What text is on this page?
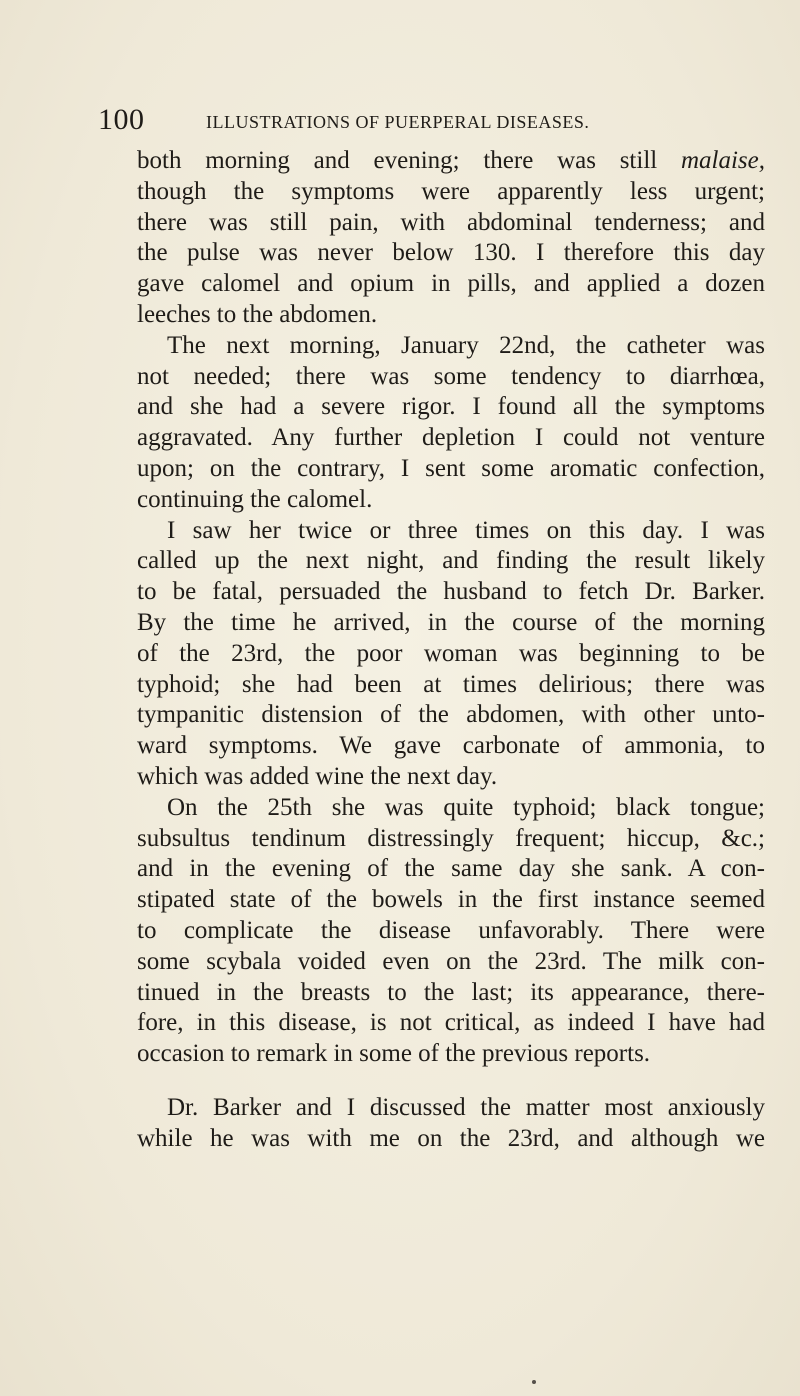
100	ILLUSTRATIONS OF PUERPERAL DISEASES.
both morning and evening; there was still malaise,
though the symptoms were apparently less urgent;
there was still pain, with abdominal tenderness; and
the pulse was never below 130. I therefore this day
gave calomel and opium in pills, and applied a dozen
leeches to the abdomen.
The next morning, January 22nd, the catheter was
not needed; there was some tendency to diarrhœa,
and she had a severe rigor. I found all the symptoms
aggravated. Any further depletion I could not venture
upon; on the contrary, I sent some aromatic confection,
continuing the calomel.
I saw her twice or three times on this day. I was
called up the next night, and finding the result likely
to be fatal, persuaded the husband to fetch Dr. Barker.
By the time he arrived, in the course of the morning
of the 23rd, the poor woman was beginning to be
typhoid; she had been at times delirious; there was
tympanitic distension of the abdomen, with other unto-
ward symptoms. We gave carbonate of ammonia, to
which was added wine the next day.
On the 25th she was quite typhoid; black tongue;
subsultus tendinum distressingly frequent; hiccup, &c.;
and in the evening of the same day she sank. A con-
stipated state of the bowels in the first instance seemed
to complicate the disease unfavorably. There were
some scybala voided even on the 23rd. The milk con-
tinued in the breasts to the last; its appearance, there-
fore, in this disease, is not critical, as indeed I have had
occasion to remark in some of the previous reports.
Dr. Barker and I discussed the matter most anxiously
while he was with me on the 23rd, and although we
